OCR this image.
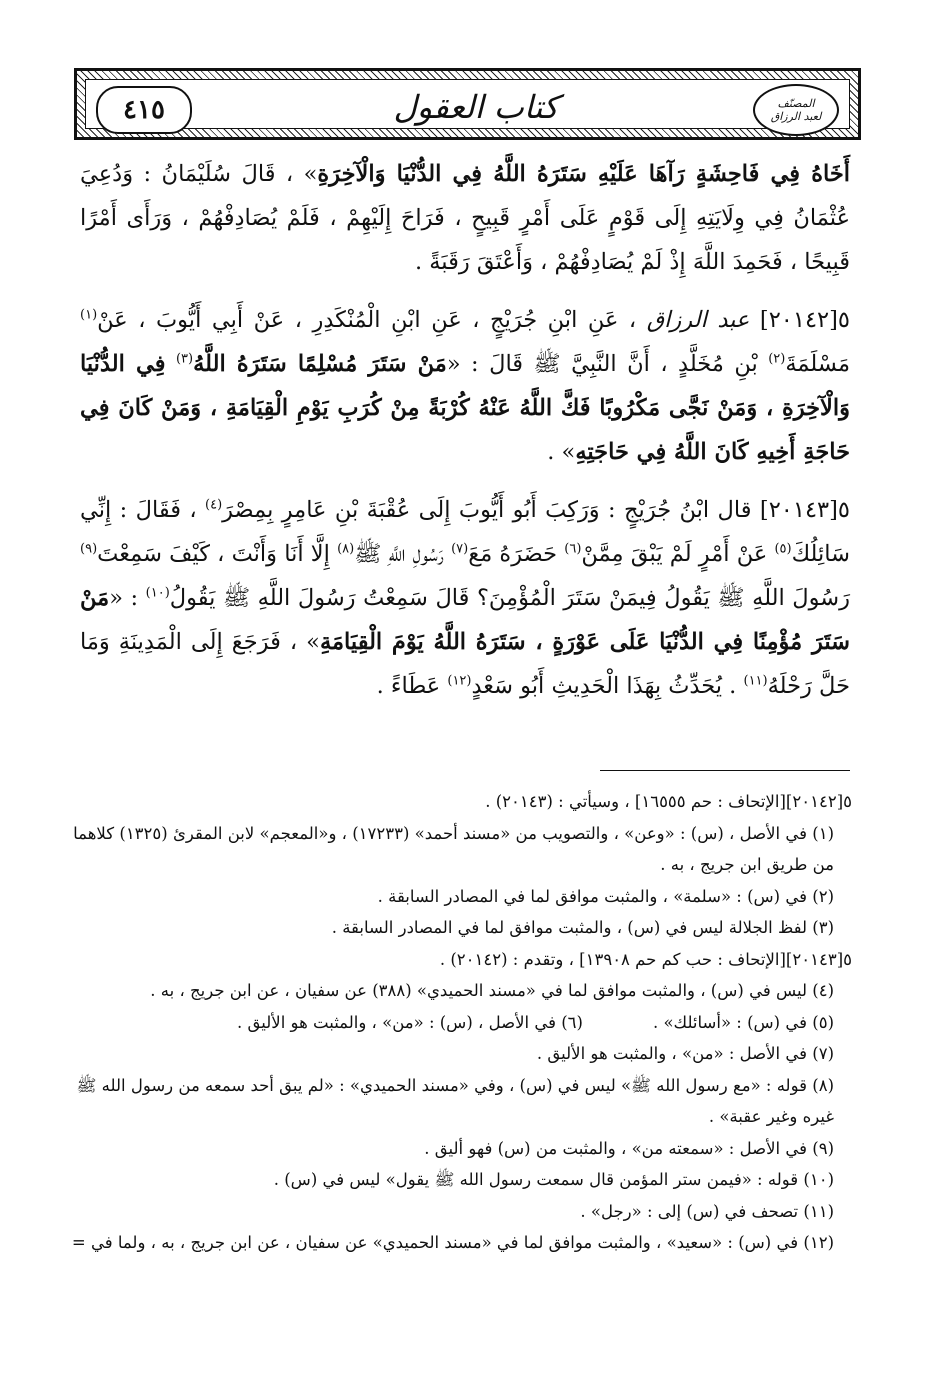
المصنّف
لعبد الرزاق
كتاب العقول
٤١٥

أَخَاهُ فِي فَاحِشَةٍ رَآهَا عَلَيْهِ سَتَرَهُ اللَّهُ فِي الدُّنْيَا وَالْآخِرَةِ» ، قَالَ سُلَيْمَانُ : وَدُعِيَ عُثْمَانُ فِي وِلَايَتِهِ إِلَى قَوْمٍ عَلَى أَمْرٍ قَبِيحٍ ، فَرَاحَ إِلَيْهِمْ ، فَلَمْ يُصَادِفْهُمْ ، وَرَأَى أَمْرًا قَبِيحًا ، فَحَمِدَ اللَّهَ إِذْ لَمْ يُصَادِفْهُمْ ، وَأَعْتَقَ رَقَبَةً .

٥[٢٠١٤٢] عبد الرزاق ، عَنِ ابْنِ جُرَيْجٍ ، عَنِ ابْنِ الْمُنْكَدِرِ ، عَنْ أَبِي أَيُّوبَ ، عَنْ$^{(١)}$ مَسْلَمَةَ$^{(٢)}$ بْنِ مُخَلَّدٍ ، أَنَّ النَّبِيَّ ﷺ قَالَ : «مَنْ سَتَرَ مُسْلِمًا سَتَرَهُ اللَّهُ$^{(٣)}$ فِي الدُّنْيَا وَالْآخِرَةِ ، وَمَنْ نَجَّى مَكْرُوبًا فَكَّ اللَّهُ عَنْهُ كُرْبَةً مِنْ كُرَبِ يَوْمِ الْقِيَامَةِ ، وَمَنْ كَانَ فِي حَاجَةِ أَخِيهِ كَانَ اللَّهُ فِي حَاجَتِهِ» .

٥[٢٠١٤٣] قال ابْنُ جُرَيْجٍ : وَرَكِبَ أَبُو أَيُّوبَ إِلَى عُقْبَةَ بْنِ عَامِرٍ بِمِصْرَ$^{(٤)}$ ، فَقَالَ : إِنِّي سَائِلُكَ$^{(٥)}$ عَنْ أَمْرٍ لَمْ يَبْقَ مِمَّنْ$^{(٦)}$ حَضَرَهُ مَعَ$^{(٧)}$ رَسُولِ اللَّهِ ﷺ$^{(٨)}$ إِلَّا أَنَا وَأَنْتَ ، كَيْفَ سَمِعْتَ$^{(٩)}$ رَسُولَ اللَّهِ ﷺ يَقُولُ فِيمَنْ سَتَرَ الْمُؤْمِنَ؟ قَالَ سَمِعْتُ رَسُولَ اللَّهِ ﷺ يَقُولُ$^{(١٠)}$ : «مَنْ سَتَرَ مُؤْمِنًا فِي الدُّنْيَا عَلَى عَوْرَةٍ ، سَتَرَهُ اللَّهُ يَوْمَ الْقِيَامَةِ» ، فَرَجَعَ إِلَى الْمَدِينَةِ وَمَا حَلَّ رَحْلَهُ$^{(١١)}$ . يُحَدِّثُ بِهَذَا الْحَدِيثِ أَبُو سَعْدٍ$^{(١٢)}$ عَطَاءً .

٥[٢٠١٤٢][الإتحاف : حم ١٦٥٥٥] ، وسيأتي : (٢٠١٤٣) .

(١) في الأصل ، (س) : «وعن» ، والتصويب من «مسند أحمد» (١٧٢٣٣) ، و«المعجم» لابن المقرئ (١٣٢٥) كلاهما من طريق ابن جريج ، به .

(٢) في (س) : «سلمة» ، والمثبت موافق لما في المصادر السابقة .

(٣) لفظ الجلالة ليس في (س) ، والمثبت موافق لما في المصادر السابقة .

٥[٢٠١٤٣][الإتحاف : حب كم حم ١٣٩٠٨] ، وتقدم : (٢٠١٤٢) .

(٤) ليس في (س) ، والمثبت موافق لما في «مسند الحميدي» (٣٨٨) عن سفيان ، عن ابن جريج ، به .

(٥) في (س) : «أسائلك» .
(٦) في الأصل ، (س) : «من» ، والمثبت هو الأليق .

(٧) في الأصل : «من» ، والمثبت هو الأليق .

(٨) قوله : «مع رسول الله ﷺ» ليس في (س) ، وفي «مسند الحميدي» : «لم يبق أحد سمعه من رسول الله ﷺ غيره وغير عقبة» .

(٩) في الأصل : «سمعته من» ، والمثبت من (س) فهو أليق .

(١٠) قوله : «فيمن ستر المؤمن قال سمعت رسول الله ﷺ يقول» ليس في (س) .

(١١) تصحف في (س) إلى : «رجل» .

(١٢) في (س) : «سعيد» ، والمثبت موافق لما في «مسند الحميدي» عن سفيان ، عن ابن جريج ، به ، ولما في =
